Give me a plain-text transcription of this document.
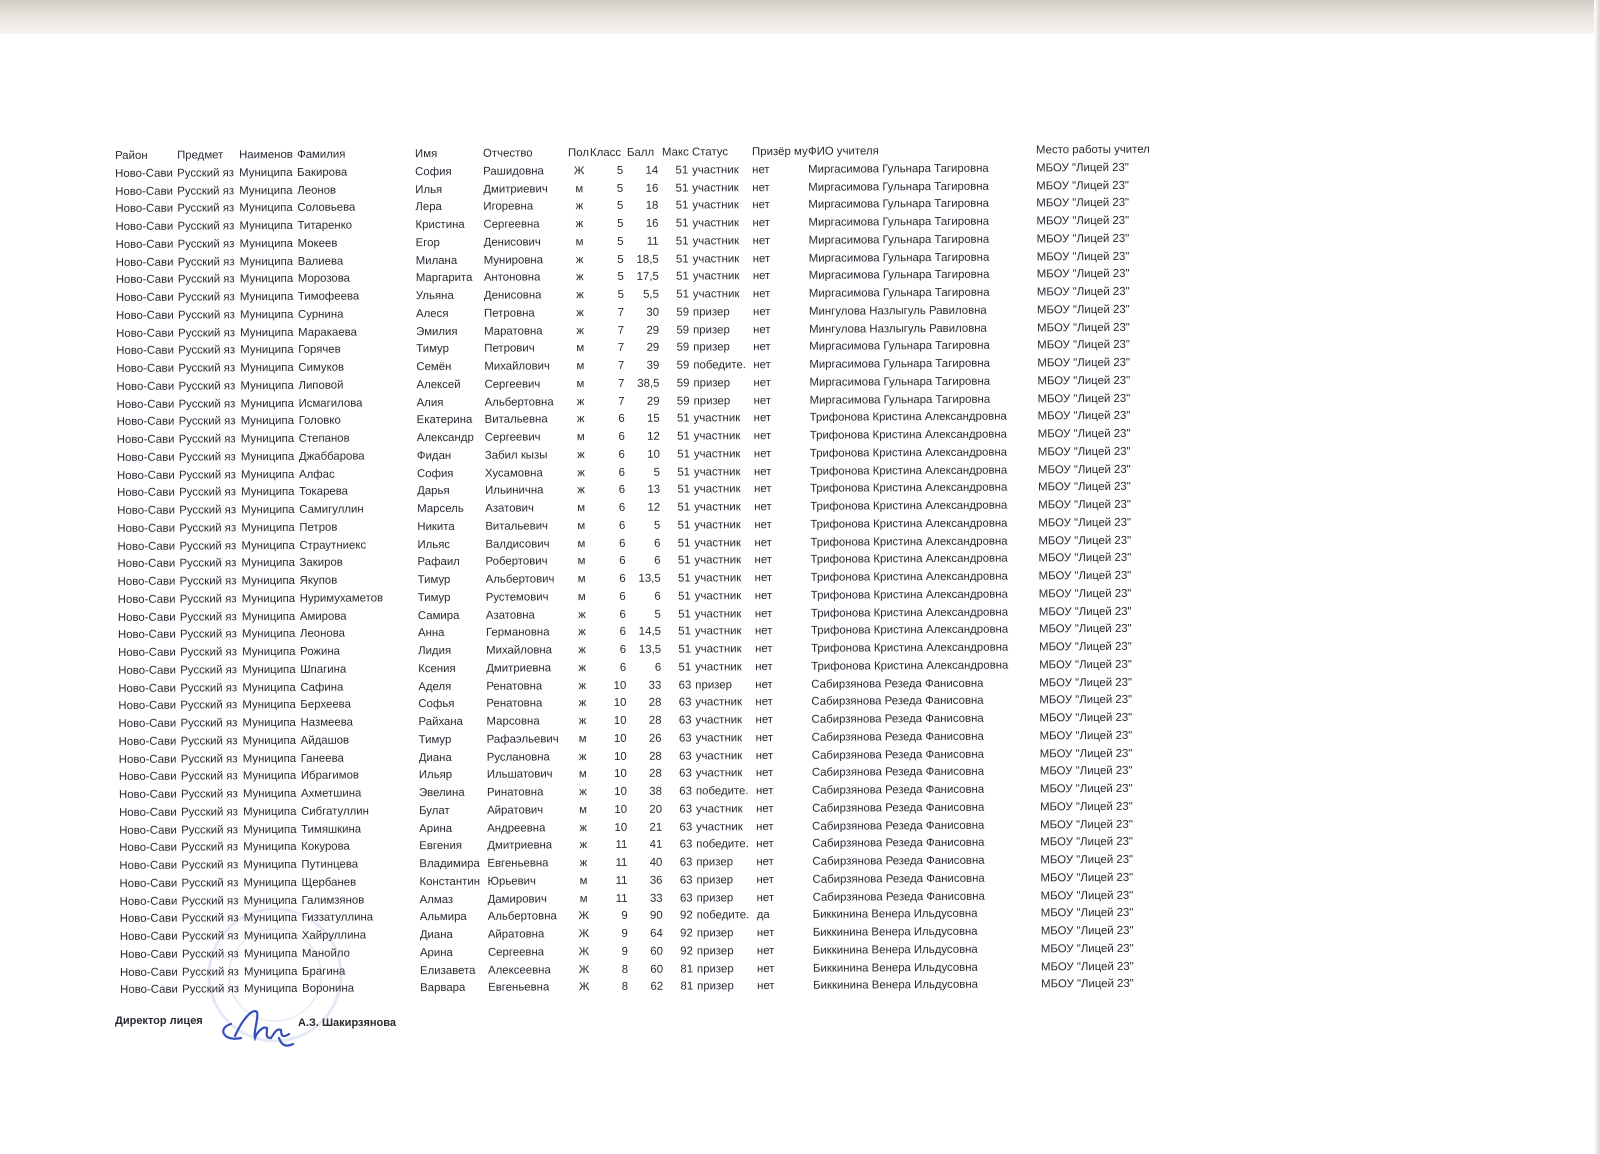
Район	Предмет	Наименов	Фамилия	Имя	Отчество	Пол	Класс	Балл	Макс	Статус	Призёр му	ФИО учителя	Место работы учител
Ново-Сави	Русский яз	Муниципа	Бакирова	София	Рашидовна	Ж	5	14	51	участник	нет	Миргасимова Гульнара Тагировна	МБОУ "Лицей 23"
Ново-Сави	Русский яз	Муниципа	Леонов	Илья	Дмитриевич	м	5	16	51	участник	нет	Миргасимова Гульнара Тагировна	МБОУ "Лицей 23"
Ново-Сави	Русский яз	Муниципа	Соловьева	Лера	Игоревна	ж	5	18	51	участник	нет	Миргасимова Гульнара Тагировна	МБОУ "Лицей 23"
Ново-Сави	Русский яз	Муниципа	Титаренко	Кристина	Сергеевна	ж	5	16	51	участник	нет	Миргасимова Гульнара Тагировна	МБОУ "Лицей 23"
Ново-Сави	Русский яз	Муниципа	Мокеев	Егор	Денисович	м	5	11	51	участник	нет	Миргасимова Гульнара Тагировна	МБОУ "Лицей 23"
Ново-Сави	Русский яз	Муниципа	Валиева	Милана	Мунировна	ж	5	18,5	51	участник	нет	Миргасимова Гульнара Тагировна	МБОУ "Лицей 23"
Ново-Сави	Русский яз	Муниципа	Морозова	Маргарита	Антоновна	ж	5	17,5	51	участник	нет	Миргасимова Гульнара Тагировна	МБОУ "Лицей 23"
Ново-Сави	Русский яз	Муниципа	Тимофеева	Ульяна	Денисовна	ж	5	5,5	51	участник	нет	Миргасимова Гульнара Тагировна	МБОУ "Лицей 23"
Ново-Сави	Русский яз	Муниципа	Сурнина	Алеся	Петровна	ж	7	30	59	призер	нет	Мингулова Назлыгуль Равиловна	МБОУ "Лицей 23"
Ново-Сави	Русский яз	Муниципа	Маракаева	Эмилия	Маратовна	ж	7	29	59	призер	нет	Мингулова Назлыгуль Равиловна	МБОУ "Лицей 23"
Ново-Сави	Русский яз	Муниципа	Горячев	Тимур	Петрович	м	7	29	59	призер	нет	Миргасимова Гульнара Тагировна	МБОУ "Лицей 23"
Ново-Сави	Русский яз	Муниципа	Симуков	Семён	Михайлович	м	7	39	59	победите.	нет	Миргасимова Гульнара Тагировна	МБОУ "Лицей 23"
Ново-Сави	Русский яз	Муниципа	Липовой	Алексей	Сергеевич	м	7	38,5	59	призер	нет	Миргасимова Гульнара Тагировна	МБОУ "Лицей 23"
Ново-Сави	Русский яз	Муниципа	Исмагилова	Алия	Альбертовна	ж	7	29	59	призер	нет	Миргасимова Гульнара Тагировна	МБОУ "Лицей 23"
Ново-Сави	Русский яз	Муниципа	Головко	Екатерина	Витальевна	ж	6	15	51	участник	нет	Трифонова Кристина Александровна	МБОУ "Лицей 23"
Ново-Сави	Русский яз	Муниципа	Степанов	Александр	Сергеевич	м	6	12	51	участник	нет	Трифонова Кристина Александровна	МБОУ "Лицей 23"
Ново-Сави	Русский яз	Муниципа	Джаббарова	Фидан	Забил кызы	ж	6	10	51	участник	нет	Трифонова Кристина Александровна	МБОУ "Лицей 23"
Ново-Сави	Русский яз	Муниципа	Алфас	София	Хусамовна	ж	6	5	51	участник	нет	Трифонова Кристина Александровна	МБОУ "Лицей 23"
Ново-Сави	Русский яз	Муниципа	Токарева	Дарья	Ильинична	ж	6	13	51	участник	нет	Трифонова Кристина Александровна	МБОУ "Лицей 23"
Ново-Сави	Русский яз	Муниципа	Самигуллин	Марсель	Азатович	м	6	12	51	участник	нет	Трифонова Кристина Александровна	МБОУ "Лицей 23"
Ново-Сави	Русский яз	Муниципа	Петров	Никита	Витальевич	м	6	5	51	участник	нет	Трифонова Кристина Александровна	МБОУ "Лицей 23"
Ново-Сави	Русский яз	Муниципа	Страутниекс	Ильяс	Валдисович	м	6	6	51	участник	нет	Трифонова Кристина Александровна	МБОУ "Лицей 23"
Ново-Сави	Русский яз	Муниципа	Закиров	Рафаил	Робертович	м	6	6	51	участник	нет	Трифонова Кристина Александровна	МБОУ "Лицей 23"
Ново-Сави	Русский яз	Муниципа	Якупов	Тимур	Альбертович	м	6	13,5	51	участник	нет	Трифонова Кристина Александровна	МБОУ "Лицей 23"
Ново-Сави	Русский яз	Муниципа	Нуримухаметов	Тимур	Рустемович	м	6	6	51	участник	нет	Трифонова Кристина Александровна	МБОУ "Лицей 23"
Ново-Сави	Русский яз	Муниципа	Амирова	Самира	Азатовна	ж	6	5	51	участник	нет	Трифонова Кристина Александровна	МБОУ "Лицей 23"
Ново-Сави	Русский яз	Муниципа	Леонова	Анна	Германовна	ж	6	14,5	51	участник	нет	Трифонова Кристина Александровна	МБОУ "Лицей 23"
Ново-Сави	Русский яз	Муниципа	Рожина	Лидия	Михайловна	ж	6	13,5	51	участник	нет	Трифонова Кристина Александровна	МБОУ "Лицей 23"
Ново-Сави	Русский яз	Муниципа	Шпагина	Ксения	Дмитриевна	ж	6	6	51	участник	нет	Трифонова Кристина Александровна	МБОУ "Лицей 23"
Ново-Сави	Русский яз	Муниципа	Сафина	Аделя	Ренатовна	ж	10	33	63	призер	нет	Сабирзянова Резеда Фанисовна	МБОУ "Лицей 23"
Ново-Сави	Русский яз	Муниципа	Берхеева	Софья	Ренатовна	ж	10	28	63	участник	нет	Сабирзянова Резеда Фанисовна	МБОУ "Лицей 23"
Ново-Сави	Русский яз	Муниципа	Назмеева	Райхана	Марсовна	ж	10	28	63	участник	нет	Сабирзянова Резеда Фанисовна	МБОУ "Лицей 23"
Ново-Сави	Русский яз	Муниципа	Айдашов	Тимур	Рафаэльевич	м	10	26	63	участник	нет	Сабирзянова Резеда Фанисовна	МБОУ "Лицей 23"
Ново-Сави	Русский яз	Муниципа	Ганеева	Диана	Руслановна	ж	10	28	63	участник	нет	Сабирзянова Резеда Фанисовна	МБОУ "Лицей 23"
Ново-Сави	Русский яз	Муниципа	Ибрагимов	Ильяр	Ильшатович	м	10	28	63	участник	нет	Сабирзянова Резеда Фанисовна	МБОУ "Лицей 23"
Ново-Сави	Русский яз	Муниципа	Ахметшина	Эвелина	Ринатовна	ж	10	38	63	победите.	нет	Сабирзянова Резеда Фанисовна	МБОУ "Лицей 23"
Ново-Сави	Русский яз	Муниципа	Сибгатуллин	Булат	Айратович	м	10	20	63	участник	нет	Сабирзянова Резеда Фанисовна	МБОУ "Лицей 23"
Ново-Сави	Русский яз	Муниципа	Тимяшкина	Арина	Андреевна	ж	10	21	63	участник	нет	Сабирзянова Резеда Фанисовна	МБОУ "Лицей 23"
Ново-Сави	Русский яз	Муниципа	Кокурова	Евгения	Дмитриевна	ж	11	41	63	победите.	нет	Сабирзянова Резеда Фанисовна	МБОУ "Лицей 23"
Ново-Сави	Русский яз	Муниципа	Путинцева	Владимира	Евгеньевна	ж	11	40	63	призер	нет	Сабирзянова Резеда Фанисовна	МБОУ "Лицей 23"
Ново-Сави	Русский яз	Муниципа	Щербанев	Константин	Юрьевич	м	11	36	63	призер	нет	Сабирзянова Резеда Фанисовна	МБОУ "Лицей 23"
Ново-Сави	Русский яз	Муниципа	Галимзянов	Алмаз	Дамирович	м	11	33	63	призер	нет	Сабирзянова Резеда Фанисовна	МБОУ "Лицей 23"
Ново-Сави	Русский яз	Муниципа	Гиззатуллина	Альмира	Альбертовна	Ж	9	90	92	победите.	да	Биккинина Венера Ильдусовна	МБОУ "Лицей 23"
Ново-Сави	Русский яз	Муниципа	Хайруллина	Диана	Айратовна	Ж	9	64	92	призер	нет	Биккинина Венера Ильдусовна	МБОУ "Лицей 23"
Ново-Сави	Русский яз	Муниципа	Манойло	Арина	Сергеевна	Ж	9	60	92	призер	нет	Биккинина Венера Ильдусовна	МБОУ "Лицей 23"
Ново-Сави	Русский яз	Муниципа	Брагина	Елизавета	Алексеевна	Ж	8	60	81	призер	нет	Биккинина Венера Ильдусовна	МБОУ "Лицей 23"
Ново-Сави	Русский яз	Муниципа	Воронина	Варвара	Евгеньевна	Ж	8	62	81	призер	нет	Биккинина Венера Ильдусовна	МБОУ "Лицей 23"
Директор лицея	А.З. Шакирзянова
